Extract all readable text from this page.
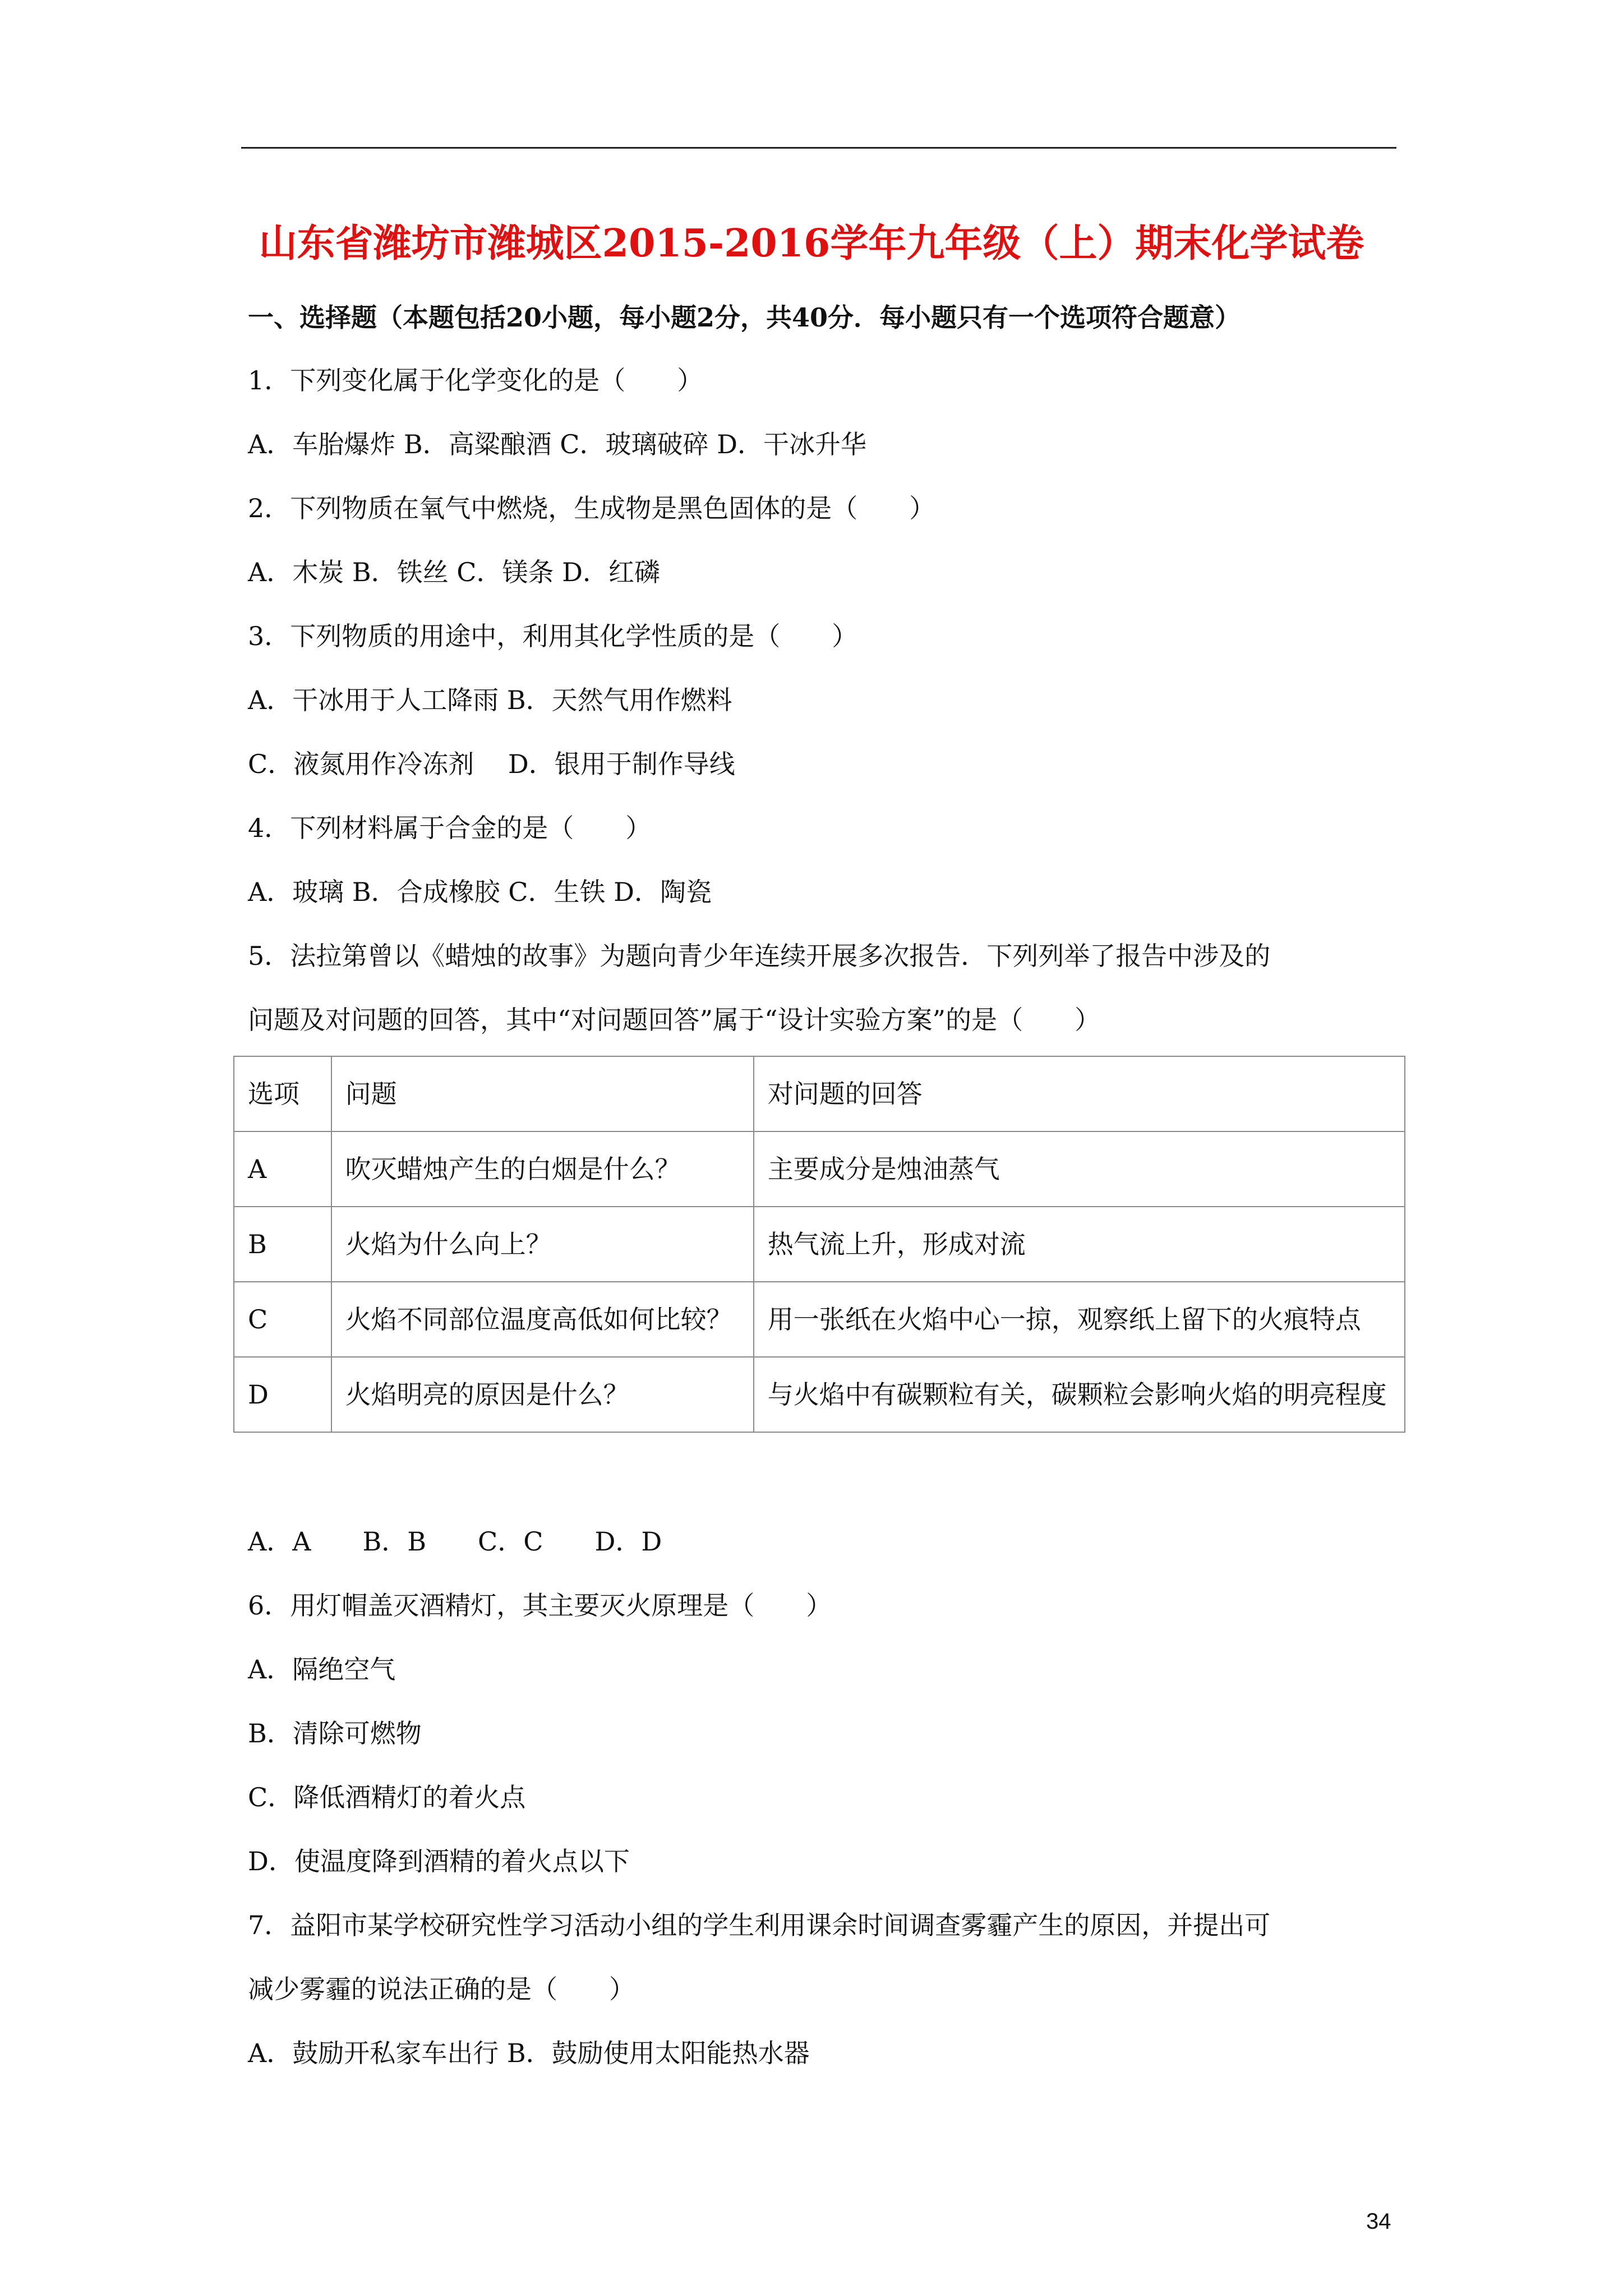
山东省潍坊市潍城区2015-2016学年九年级（上）期末化学试卷
一、选择题（本题包括20小题，每小题2分，共40分．每小题只有一个选项符合题意）
1．下列变化属于化学变化的是（　　）
A．车胎爆炸 B．高粱酿酒 C．玻璃破碎 D．干冰升华
2．下列物质在氧气中燃烧，生成物是黑色固体的是（　　）
A．木炭 B．铁丝 C．镁条 D．红磷
3．下列物质的用途中，利用其化学性质的是（　　）
A．干冰用于人工降雨 B．天然气用作燃料
C．液氮用作冷冻剂　 D．银用于制作导线
4．下列材料属于合金的是（　　）
A．玻璃 B．合成橡胶 C．生铁 D．陶瓷
5．法拉第曾以《蜡烛的故事》为题向青少年连续开展多次报告．下列列举了报告中涉及的
问题及对问题的回答，其中“对问题回答”属于“设计实验方案”的是（　　）
选项	问题	对问题的回答
A	吹灭蜡烛产生的白烟是什么？	主要成分是烛油蒸气
B	火焰为什么向上？	热气流上升，形成对流
C	火焰不同部位温度高低如何比较？	用一张纸在火焰中心一掠，观察纸上留下的火痕特点
D	火焰明亮的原因是什么？	与火焰中有碳颗粒有关，碳颗粒会影响火焰的明亮程度
A．A　　B．B　　C．C　　D．D
6．用灯帽盖灭酒精灯，其主要灭火原理是（　　）
A．隔绝空气
B．清除可燃物
C．降低酒精灯的着火点
D．使温度降到酒精的着火点以下
7．益阳市某学校研究性学习活动小组的学生利用课余时间调查雾霾产生的原因，并提出可
减少雾霾的说法正确的是（　　）
A．鼓励开私家车出行 B．鼓励使用太阳能热水器
34
